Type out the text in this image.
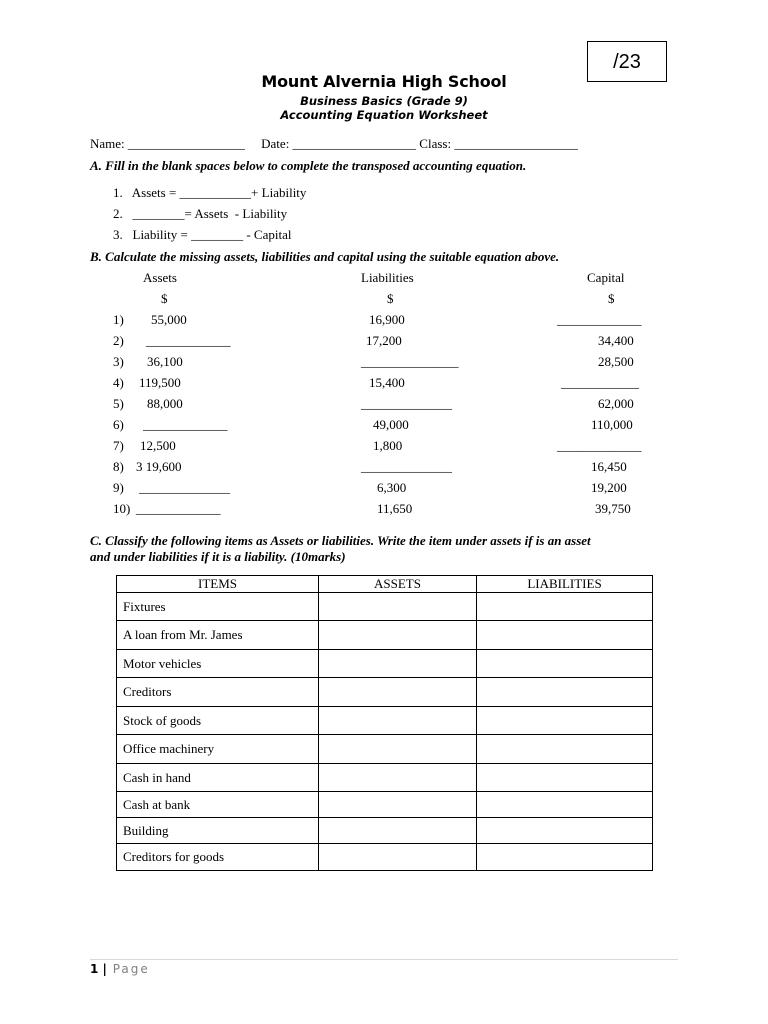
/23
Mount Alvernia High School
Business Basics (Grade 9)
Accounting Equation Worksheet
Name: __________________     Date: ___________________ Class: ___________________
A. Fill in the blank spaces below to complete the transposed accounting equation.
1.   Assets = ___________+ Liability
2.   ________= Assets  - Liability
3.   Liability = ________ - Capital
B. Calculate the missing assets, liabilities and capital using the suitable equation above.
Assets	Liabilities	Capital
$	$	$
1) 55,000	16,900	_____________
2) _____________	17,200	34,400
3) 36,100	_______________	28,500
4) 119,500	15,400	____________
5) 88,000	______________	62,000
6) _____________	49,000	110,000
7) 12,500	1,800	_____________
8) 3 19,600	______________	16,450
9) ______________	6,300	19,200
10) _____________	11,650	39,750
C. Classify the following items as Assets or liabilities. Write the item under assets if is an asset
and under liabilities if it is a liability. (10marks)
ITEMS	ASSETS	LIABILITIES
Fixtures		
A loan from Mr. James		
Motor vehicles		
Creditors		
Stock of goods		
Office machinery		
Cash in hand		
Cash at bank		
Building		
Creditors for goods		
1 | Page
